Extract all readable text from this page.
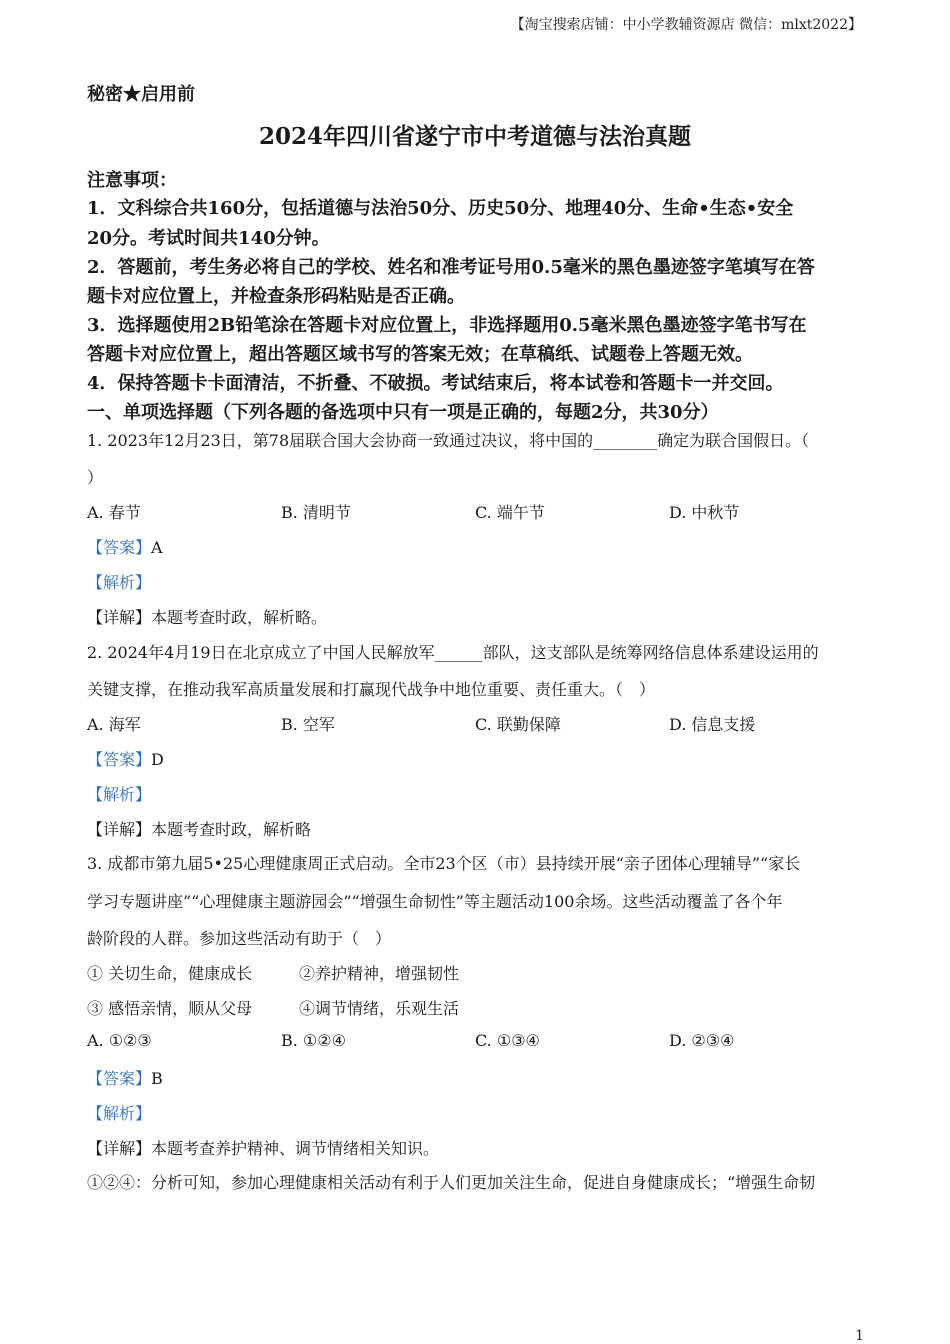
【淘宝搜索店铺：中小学教辅资源店 微信：mlxt2022】
秘密★启用前
2024年四川省遂宁市中考道德与法治真题
注意事项：
1．文科综合共160分，包括道德与法治50分、历史50分、地理40分、生命•生态•安全
20分。考试时间共140分钟。
2．答题前，考生务必将自己的学校、姓名和准考证号用0.5毫米的黑色墨迹签字笔填写在答
题卡对应位置上，并检查条形码粘贴是否正确。
3．选择题使用2B铅笔涂在答题卡对应位置上，非选择题用0.5毫米黑色墨迹签字笔书写在
答题卡对应位置上，超出答题区域书写的答案无效；在草稿纸、试题卷上答题无效。
4．保持答题卡卡面清洁，不折叠、不破损。考试结束后，将本试卷和答题卡一并交回。
一、单项选择题（下列各题的备选项中只有一项是正确的，每题2分，共30分）
1. 2023年12月23日，第78届联合国大会协商一致通过决议，将中国的________确定为联合国假日。（
）
A. 春节	B. 清明节	C. 端午节	D. 中秋节
【答案】A
【解析】
【详解】本题考查时政，解析略。
2. 2024年4月19日在北京成立了中国人民解放军______部队，这支部队是统筹网络信息体系建设运用的
关键支撑，在推动我军高质量发展和打赢现代战争中地位重要、责任重大。（　）
A. 海军	B. 空军	C. 联勤保障	D. 信息支援
【答案】D
【解析】
【详解】本题考查时政，解析略
3. 成都市第九届5•25心理健康周正式启动。全市23个区（市）县持续开展“亲子团体心理辅导”“家长
学习专题讲座”“心理健康主题游园会”“增强生命韧性”等主题活动100余场。这些活动覆盖了各个年
龄阶段的人群。参加这些活动有助于（　）
① 关切生命，健康成长	②养护精神，增强韧性
③ 感悟亲情，顺从父母	④调节情绪，乐观生活
A. ①②③	B. ①②④	C. ①③④	D. ②③④
【答案】B
【解析】
【详解】本题考查养护精神、调节情绪相关知识。
①②④：分析可知，参加心理健康相关活动有利于人们更加关注生命，促进自身健康成长；“增强生命韧
1
